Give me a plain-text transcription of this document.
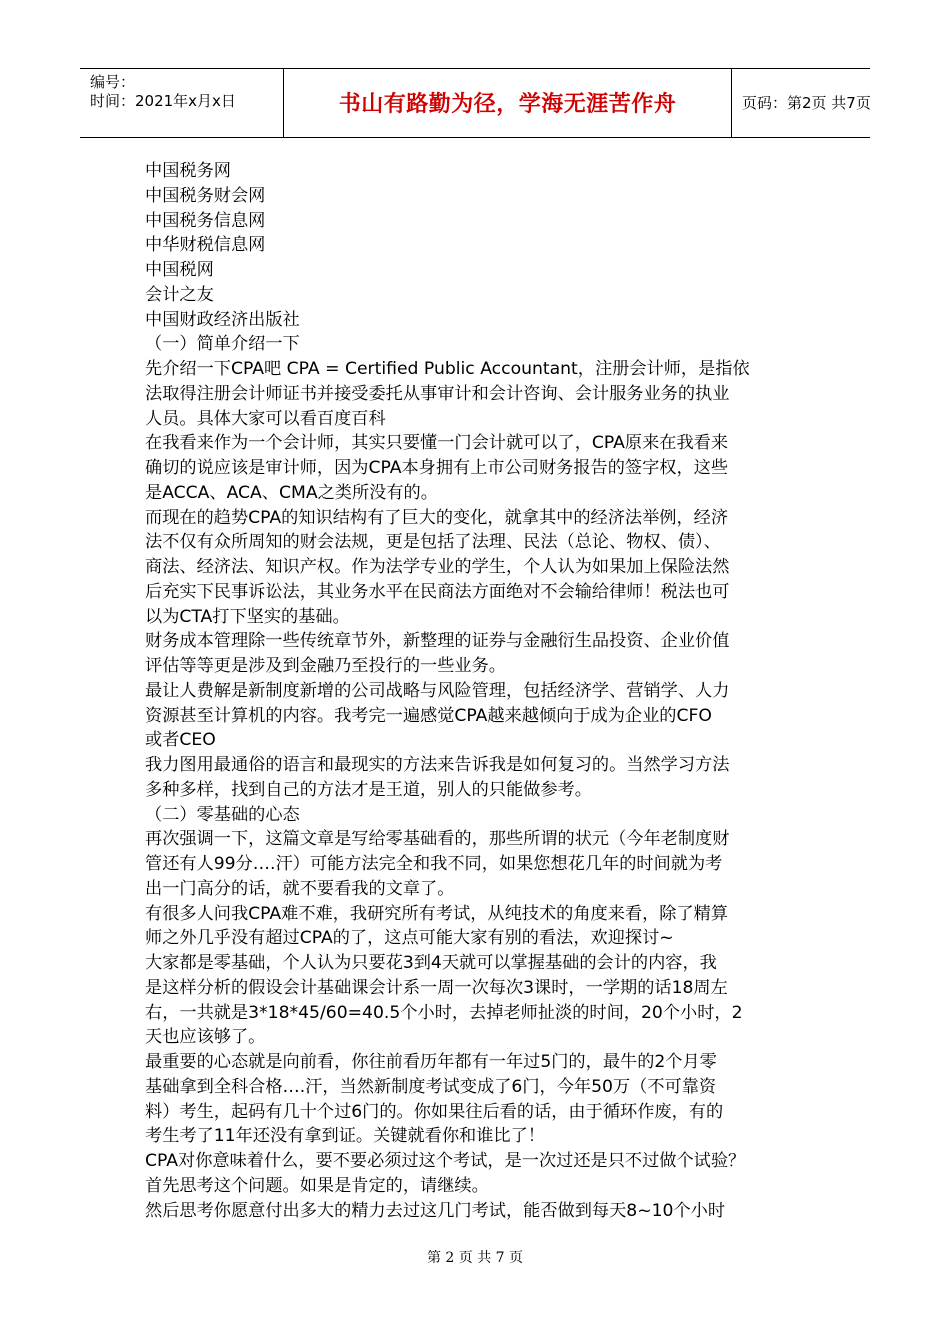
编号：
时间：2021年x月x日	书山有路勤为径，学海无涯苦作舟	页码：第2页 共7页
中国税务网
中国税务财会网
中国税务信息网
中华财税信息网
中国税网
会计之友
中国财政经济出版社
（一）简单介绍一下
先介绍一下CPA吧 CPA = Certified Public Accountant，注册会计师，是指依
法取得注册会计师证书并接受委托从事审计和会计咨询、会计服务业务的执业
人员。具体大家可以看百度百科
在我看来作为一个会计师，其实只要懂一门会计就可以了，CPA原来在我看来
确切的说应该是审计师，因为CPA本身拥有上市公司财务报告的签字权，这些
是ACCA、ACA、CMA之类所没有的。
而现在的趋势CPA的知识结构有了巨大的变化，就拿其中的经济法举例，经济
法不仅有众所周知的财会法规，更是包括了法理、民法（总论、物权、债）、
商法、经济法、知识产权。作为法学专业的学生，个人认为如果加上保险法然
后充实下民事诉讼法，其业务水平在民商法方面绝对不会输给律师！税法也可
以为CTA打下坚实的基础。
财务成本管理除一些传统章节外，新整理的证券与金融衍生品投资、企业价值
评估等等更是涉及到金融乃至投行的一些业务。
最让人费解是新制度新增的公司战略与风险管理，包括经济学、营销学、人力
资源甚至计算机的内容。我考完一遍感觉CPA越来越倾向于成为企业的CFO
或者CEO
我力图用最通俗的语言和最现实的方法来告诉我是如何复习的。当然学习方法
多种多样，找到自己的方法才是王道，别人的只能做参考。
（二）零基础的心态
再次强调一下，这篇文章是写给零基础看的，那些所谓的状元（今年老制度财
管还有人99分….汗）可能方法完全和我不同，如果您想花几年的时间就为考
出一门高分的话，就不要看我的文章了。
有很多人问我CPA难不难，我研究所有考试，从纯技术的角度来看，除了精算
师之外几乎没有超过CPA的了，这点可能大家有别的看法，欢迎探讨~
大家都是零基础，个人认为只要花3到4天就可以掌握基础的会计的内容，我
是这样分析的假设会计基础课会计系一周一次每次3课时，一学期的话18周左
右，一共就是3*18*45/60=40.5个小时，去掉老师扯淡的时间，20个小时，2
天也应该够了。
最重要的心态就是向前看，你往前看历年都有一年过5门的，最牛的2个月零
基础拿到全科合格….汗，当然新制度考试变成了6门，今年50万（不可靠资
料）考生，起码有几十个过6门的。你如果往后看的话，由于循环作废，有的
考生考了11年还没有拿到证。关键就看你和谁比了！
CPA对你意味着什么，要不要必须过这个考试，是一次过还是只不过做个试验？
首先思考这个问题。如果是肯定的，请继续。
然后思考你愿意付出多大的精力去过这几门考试，能否做到每天8~10个小时
第 2 页 共 7 页
